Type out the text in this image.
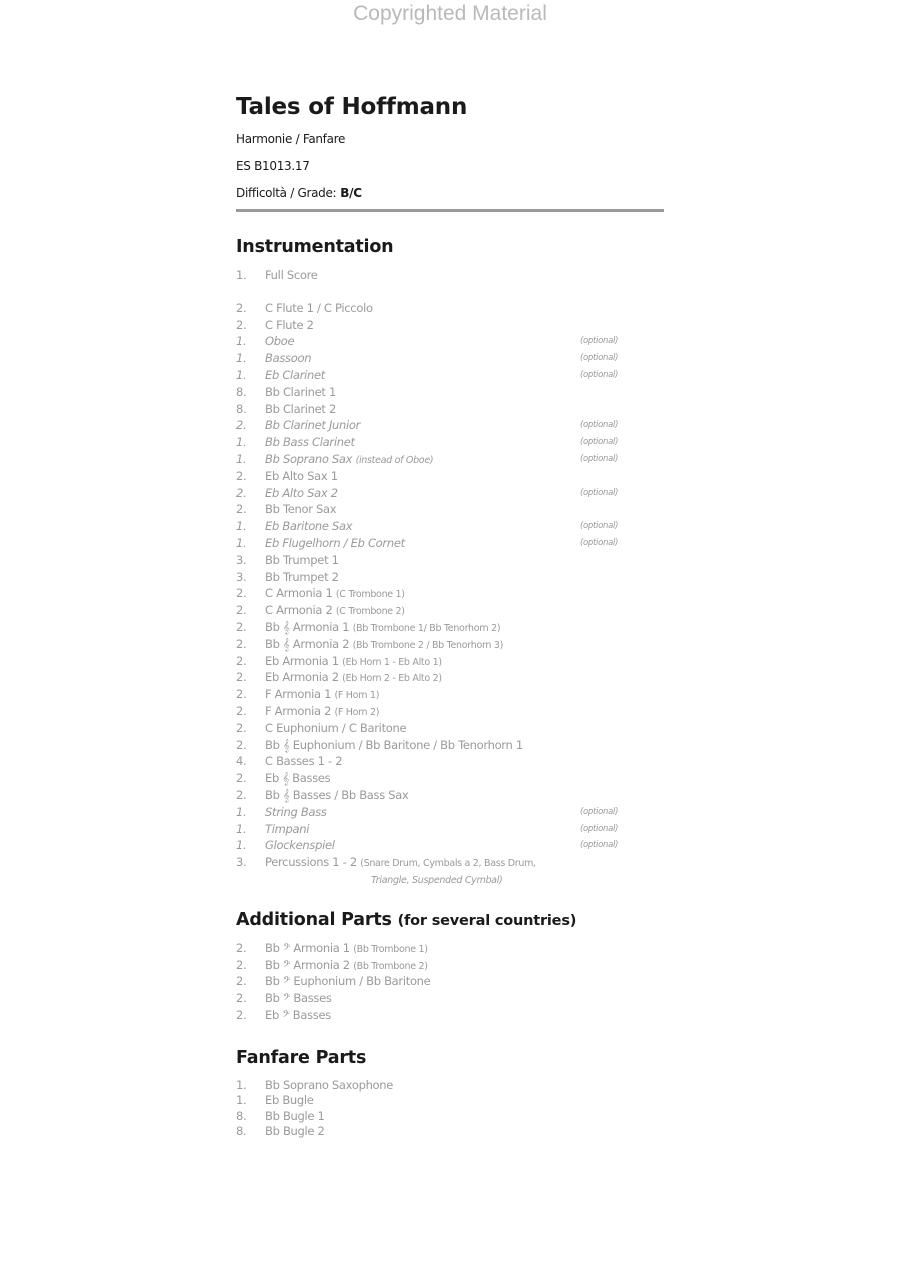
Copyrighted Material
Tales of Hoffmann
Harmonie / Fanfare
ES B1013.17
Difficoltà / Grade: B/C
Instrumentation
1. Full Score
2. C Flute 1 / C Piccolo
2. C Flute 2
1. Oboe	(optional)
1. Bassoon	(optional)
1. Eb Clarinet	(optional)
8. Bb Clarinet 1
8. Bb Clarinet 2
2. Bb Clarinet Junior	(optional)
1. Bb Bass Clarinet	(optional)
1. Bb Soprano Sax (instead of Oboe)	(optional)
2. Eb Alto Sax 1
2. Eb Alto Sax 2	(optional)
2. Bb Tenor Sax
1. Eb Baritone Sax	(optional)
1. Eb Flugelhorn / Eb Cornet	(optional)
3. Bb Trumpet 1
3. Bb Trumpet 2
2. C Armonia 1 (C Trombone 1)
2. C Armonia 2 (C Trombone 2)
2. Bb 𝄞 Armonia 1 (Bb Trombone 1/ Bb Tenorhorn 2)
2. Bb 𝄞 Armonia 2 (Bb Trombone 2 / Bb Tenorhorn 3)
2. Eb Armonia 1 (Eb Horn 1 - Eb Alto 1)
2. Eb Armonia 2 (Eb Horn 2 - Eb Alto 2)
2. F Armonia 1 (F Horn 1)
2. F Armonia 2 (F Horn 2)
2. C Euphonium / C Baritone
2. Bb 𝄞 Euphonium / Bb Baritone / Bb Tenorhorn 1
4. C Basses 1 - 2
2. Eb 𝄞 Basses
2. Bb 𝄞 Basses / Bb Bass Sax
1. String Bass	(optional)
1. Timpani	(optional)
1. Glockenspiel	(optional)
3. Percussions 1 - 2 (Snare Drum, Cymbals a 2, Bass Drum,
Triangle, Suspended Cymbal)
Additional Parts (for several countries)
2. Bb 𝄢 Armonia 1 (Bb Trombone 1)
2. Bb 𝄢 Armonia 2 (Bb Trombone 2)
2. Bb 𝄢 Euphonium / Bb Baritone
2. Bb 𝄢 Basses
2. Eb 𝄢 Basses
Fanfare Parts
1. Bb Soprano Saxophone
1. Eb Bugle
8. Bb Bugle 1
8. Bb Bugle 2
